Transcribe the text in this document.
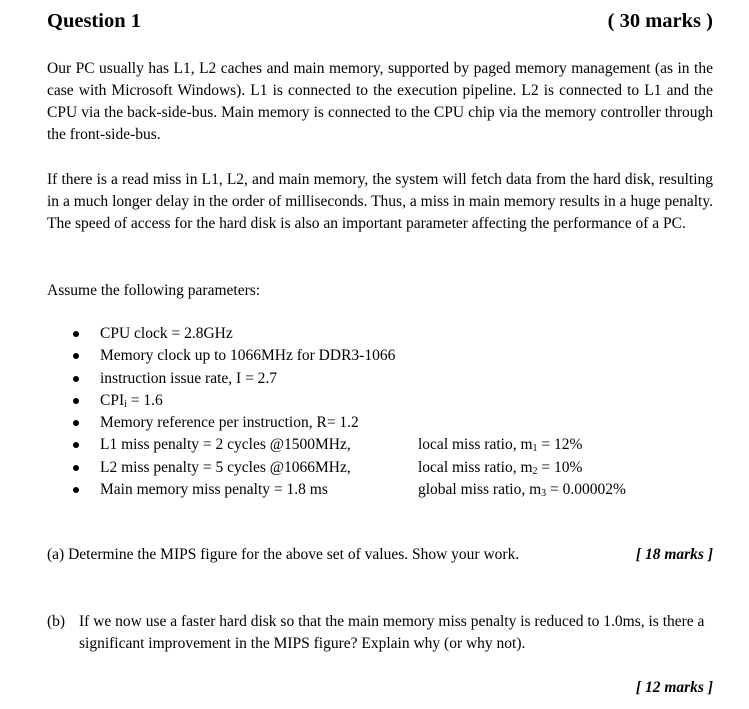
Question 1	( 30 marks )
Our PC usually has L1, L2 caches and main memory, supported by paged memory management (as in the case with Microsoft Windows). L1 is connected to the execution pipeline. L2 is connected to L1 and the CPU via the back-side-bus. Main memory is connected to the CPU chip via the memory controller through the front-side-bus.
If there is a read miss in L1, L2, and main memory, the system will fetch data from the hard disk, resulting in a much longer delay in the order of milliseconds. Thus, a miss in main memory results in a huge penalty. The speed of access for the hard disk is also an important parameter affecting the performance of a PC.
Assume the following parameters:
CPU clock = 2.8GHz
Memory clock up to 1066MHz for DDR3-1066
instruction issue rate, I = 2.7
$CPI_i = 1.6$
Memory reference per instruction, R= 1.2
L1 miss penalty = 2 cycles @1500MHz,	local miss ratio, $m_1 = 12\%$
L2 miss penalty = 5 cycles @1066MHz,	local miss ratio, $m_2 = 10\%$
Main memory miss penalty = 1.8 ms	global miss ratio, $m_3 = 0.00002\%$
(a) Determine the MIPS figure for the above set of values. Show your work.	[ 18 marks ]
(b) If we now use a faster hard disk so that the main memory miss penalty is reduced to 1.0ms, is there a significant improvement in the MIPS figure? Explain why (or why not).
[ 12 marks ]
